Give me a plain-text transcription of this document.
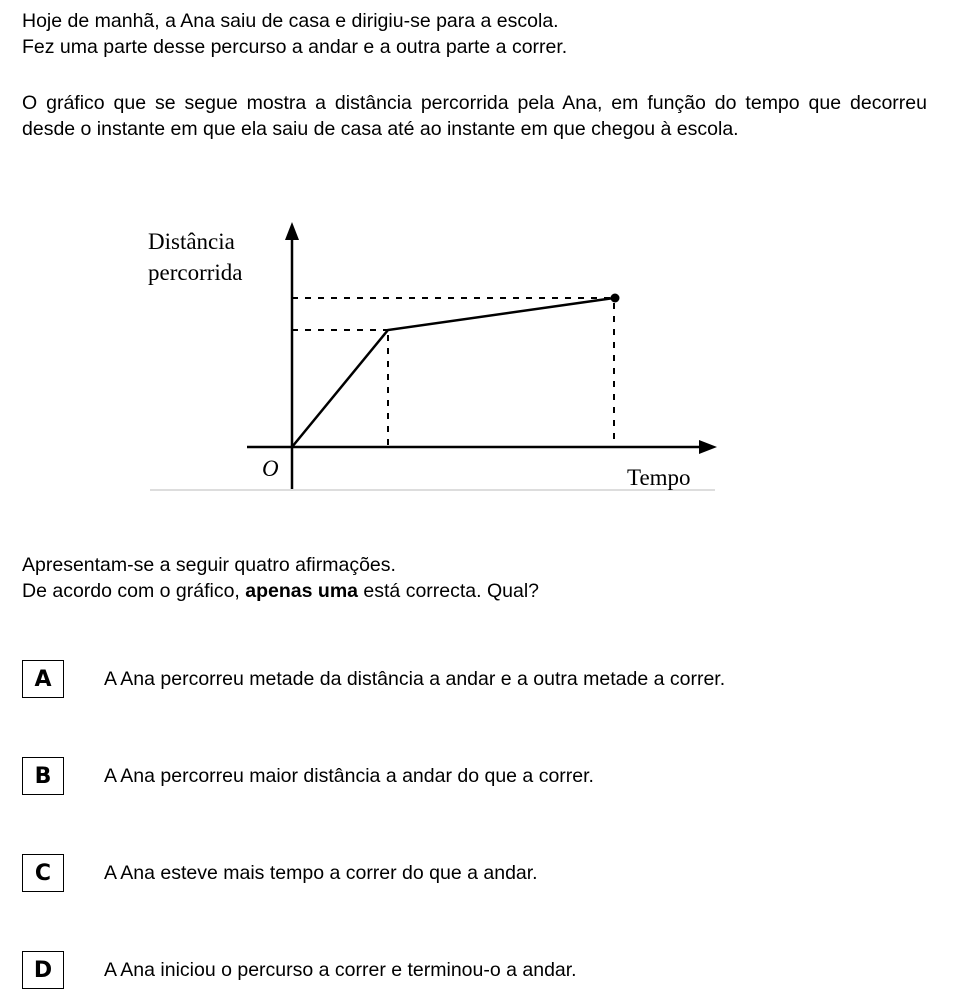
Hoje de manhã, a Ana saiu de casa e dirigiu-se para a escola.
Fez uma parte desse percurso a andar e a outra parte a correr.

O gráfico que se segue mostra a distância percorrida pela Ana, em função do tempo que decorreu desde o instante em que ela saiu de casa até ao instante em que chegou à escola.

Distância
percorrida
O	Tempo

Apresentam-se a seguir quatro afirmações.
De acordo com o gráfico, apenas uma está correcta. Qual?

A	A Ana percorreu metade da distância a andar e a outra metade a correr.
B	A Ana percorreu maior distância a andar do que a correr.
C	A Ana esteve mais tempo a correr do que a andar.
D	A Ana iniciou o percurso a correr e terminou-o a andar.
